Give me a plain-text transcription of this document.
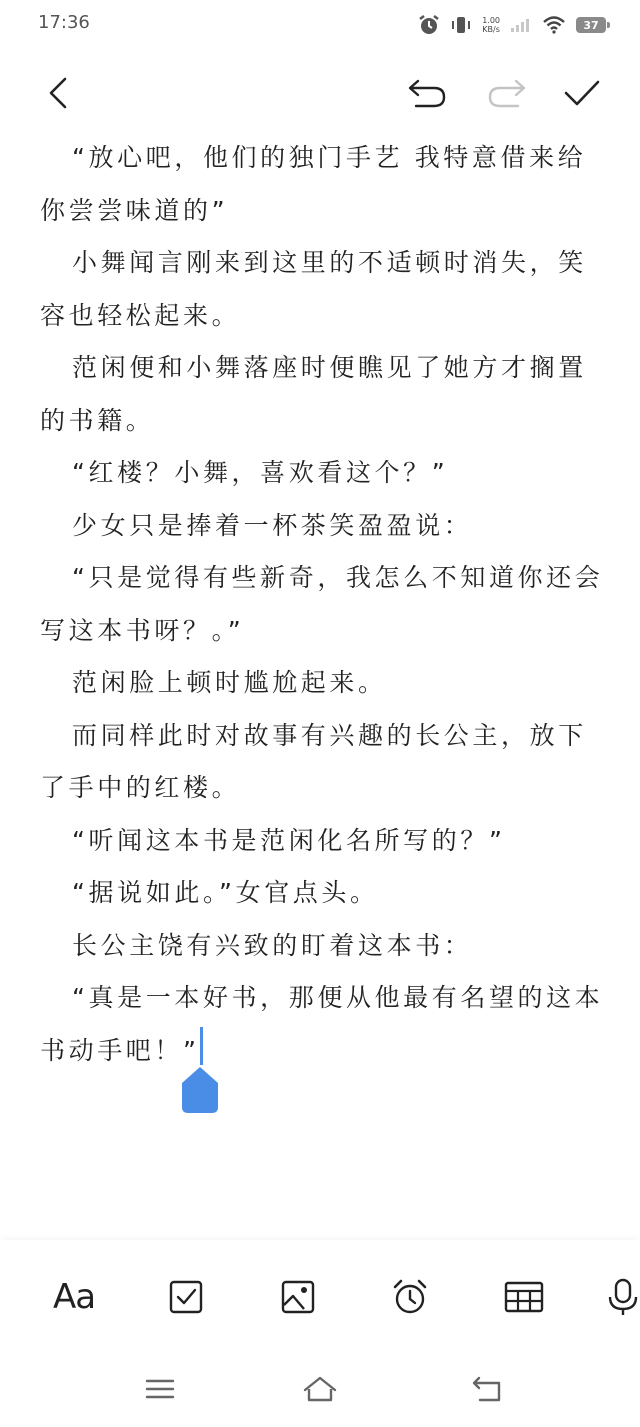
17:36	1.00
KB/s	37

“放心吧，他们的独门手艺 我特意借来给你尝尝味道的”

小舞闻言刚来到这里的不适顿时消失，笑容也轻松起来。

范闲便和小舞落座时便瞧见了她方才搁置的书籍。

“红楼？小舞，喜欢看这个？”

少女只是捧着一杯茶笑盈盈说：

“只是觉得有些新奇，我怎么不知道你还会写这本书呀？。”

范闲脸上顿时尴尬起来。

而同样此时对故事有兴趣的长公主，放下了手中的红楼。

“听闻这本书是范闲化名所写的？”

“据说如此。”女官点头。

长公主饶有兴致的盯着这本书：

“真是一本好书，那便从他最有名望的这本书动手吧！”

Aa
